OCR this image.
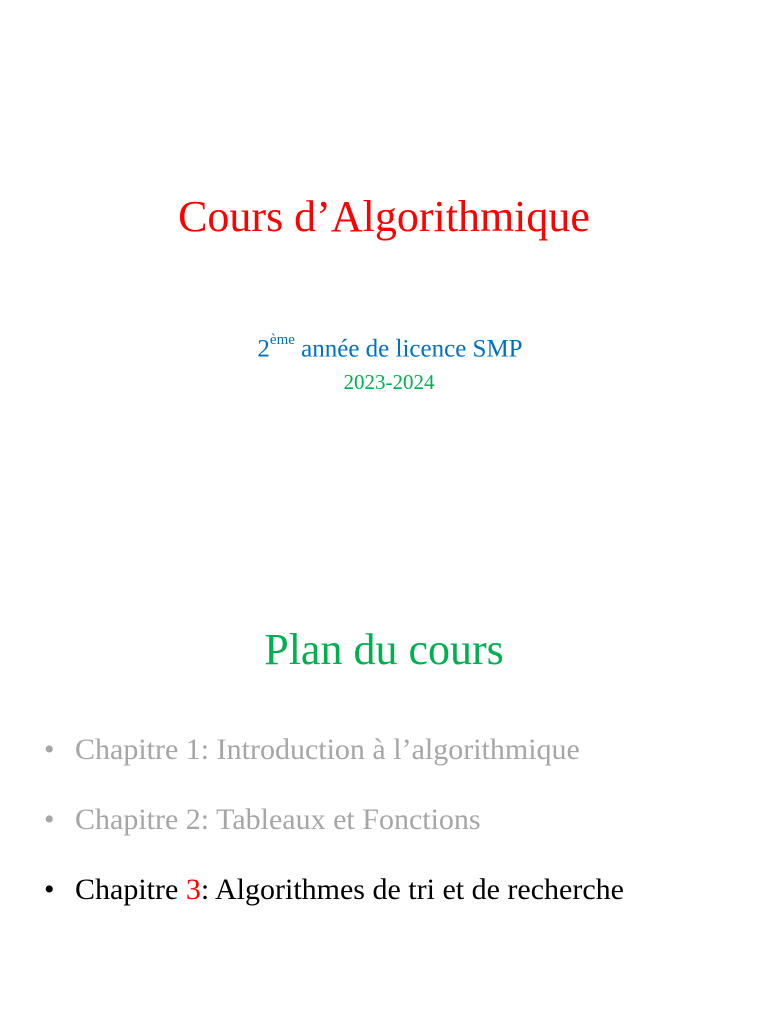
Cours d’Algorithmique

2ème année de licence SMP

2023-2024

Plan du cours
• Chapitre 1: Introduction à l’algorithmique
• Chapitre 2: Tableaux et Fonctions
• Chapitre 3: Algorithmes de tri et de recherche
